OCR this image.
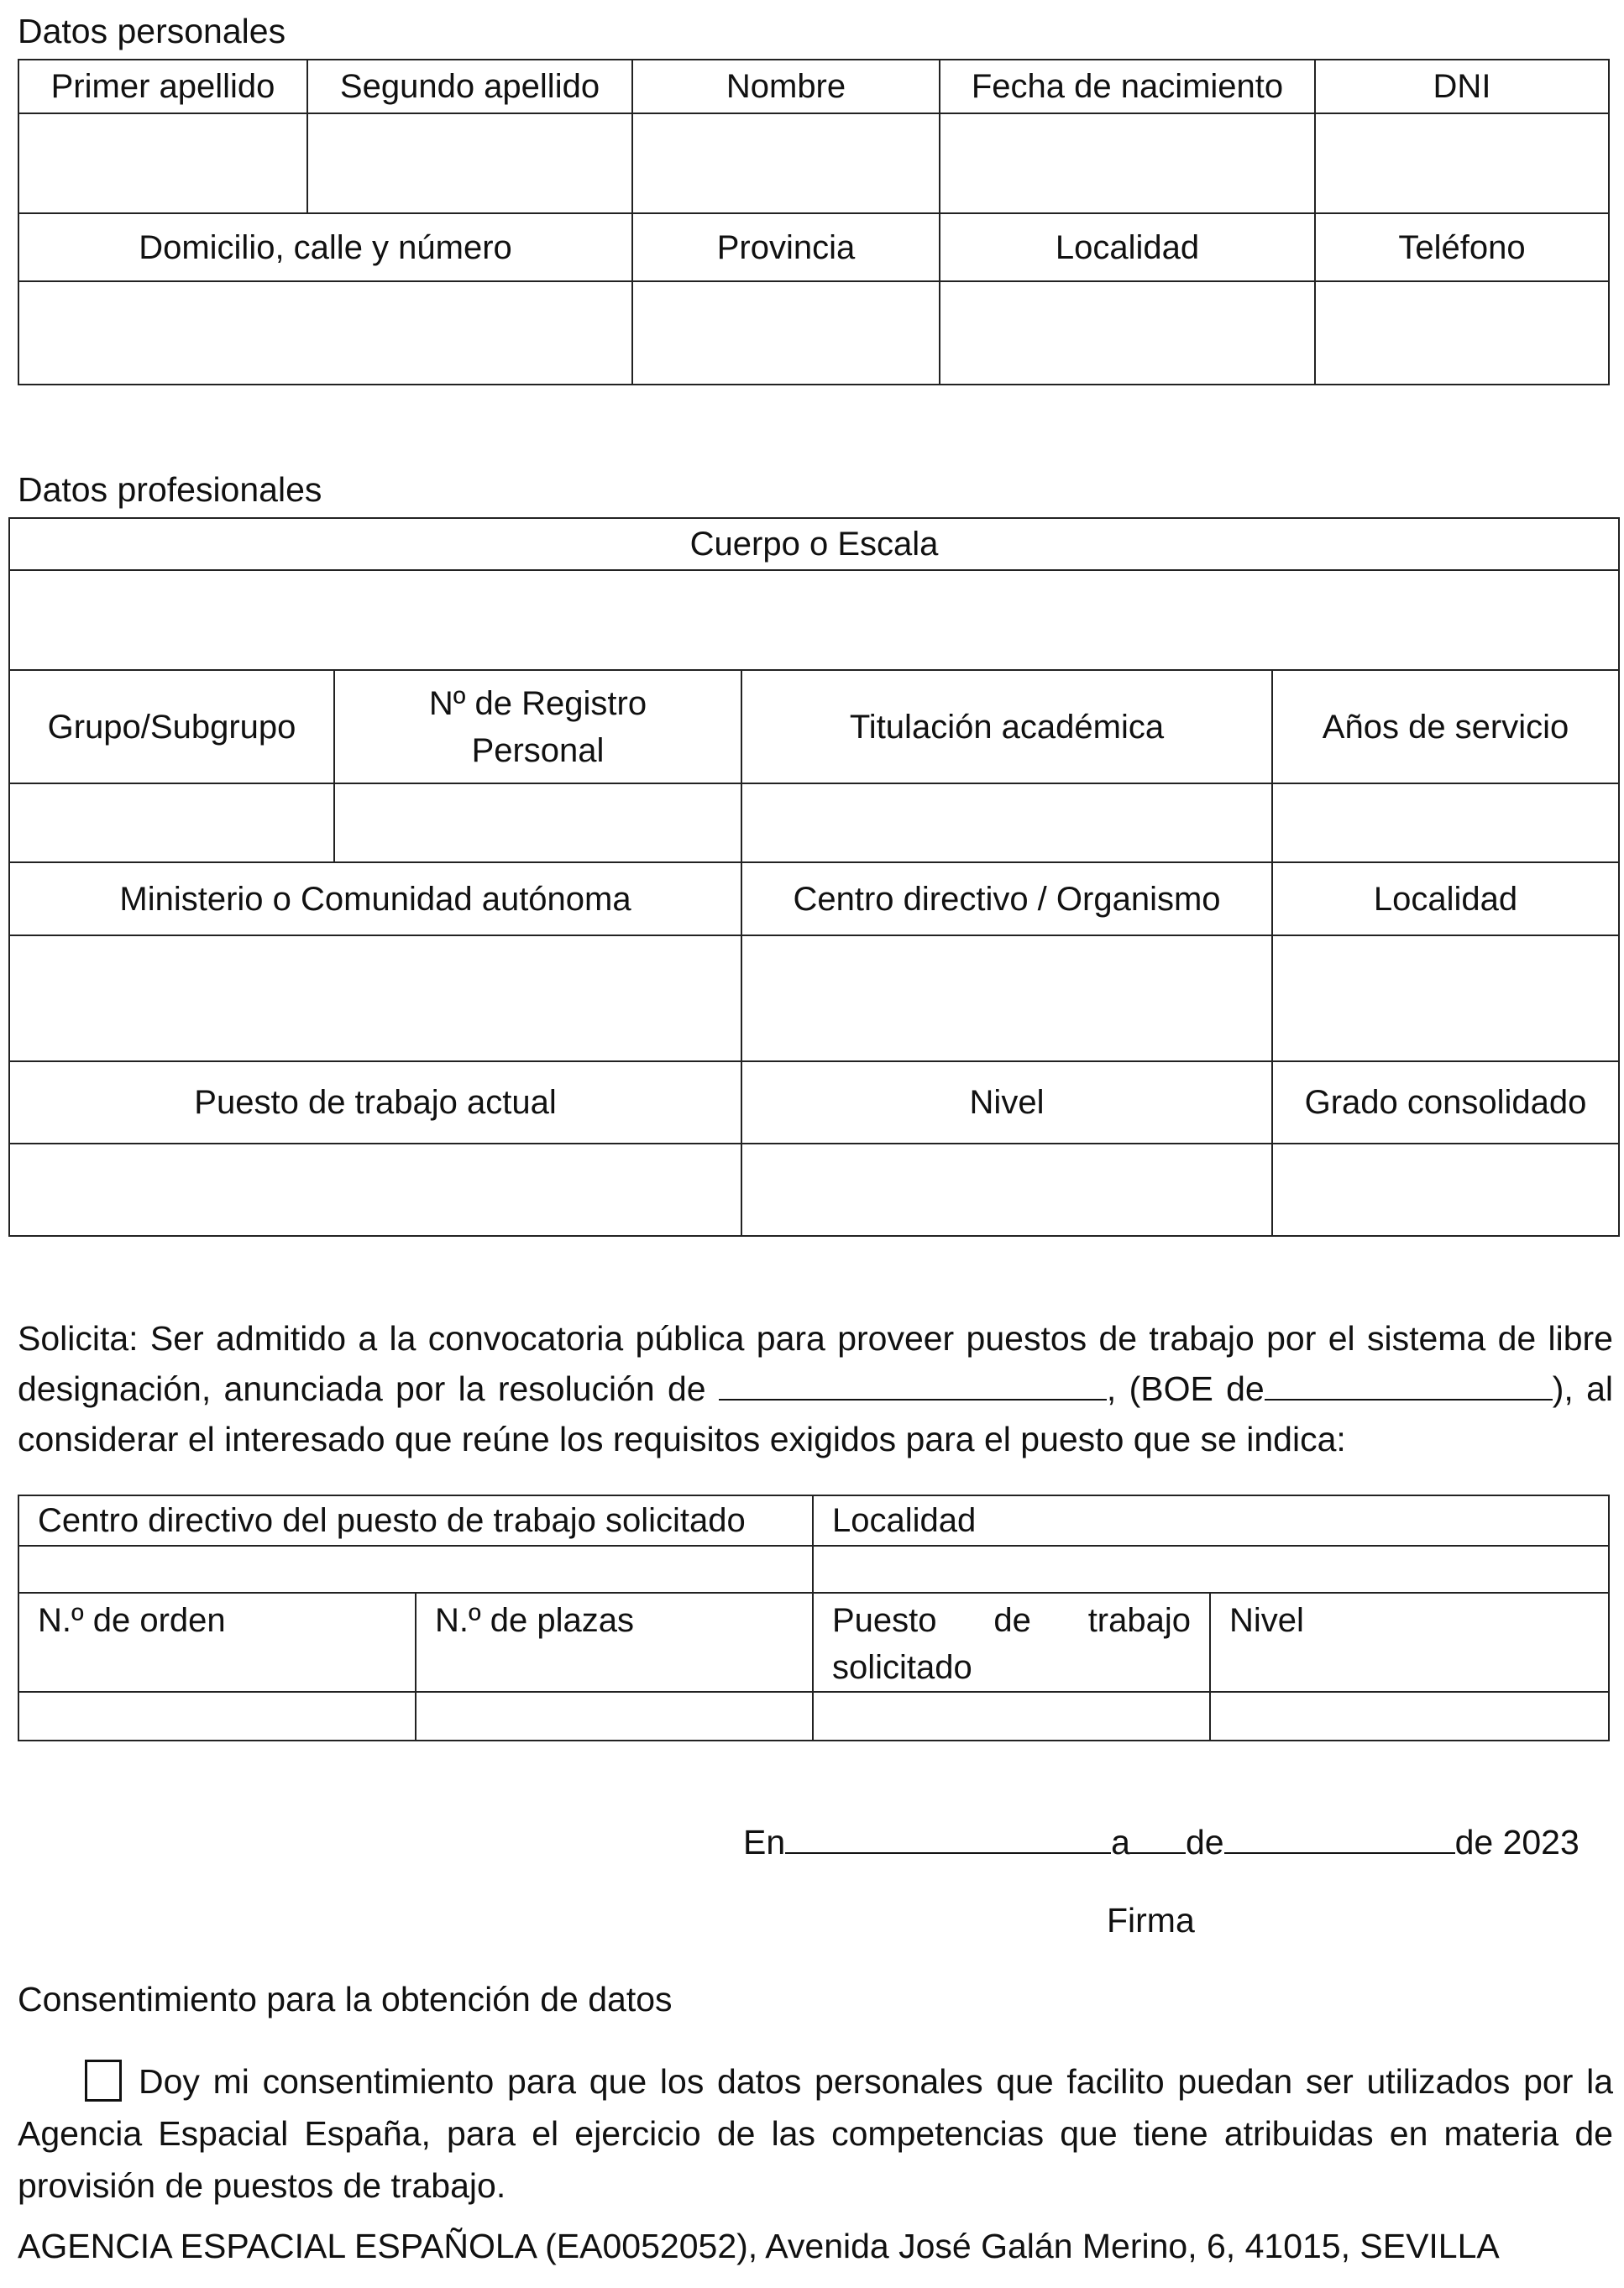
Datos personales
Primer apellido	Segundo apellido	Nombre	Fecha de nacimiento	DNI

Domicilio, calle y número		Provincia	Localidad	Teléfono

Datos profesionales
Cuerpo o Escala			

Grupo/Subgrupo	Nº de Registro Personal	Titulación académica	Años de servicio

Ministerio o Comunidad autónoma		Centro directivo / Organismo	Localidad

Puesto de trabajo actual		Nivel	Grado consolidado

Solicita: Ser admitido a la convocatoria pública para proveer puestos de trabajo por el sistema de libre designación, anunciada por la resolución de	, (BOE de	), al considerar el interesado que reúne los requisitos exigidos para el puesto que se indica:
Centro directivo del puesto de trabajo solicitado		Localidad	

N.º de orden	N.º de plazas	Puesto de trabajo solicitado	Nivel

En	a de	de 2023
Firma
Consentimiento para la obtención de datos
Doy mi consentimiento para que los datos personales que facilito puedan ser utilizados por la Agencia Espacial España, para el ejercicio de las competencias que tiene atribuidas en materia de provisión de puestos de trabajo.
AGENCIA ESPACIAL ESPAÑOLA (EA0052052), Avenida José Galán Merino, 6, 41015, SEVILLA
